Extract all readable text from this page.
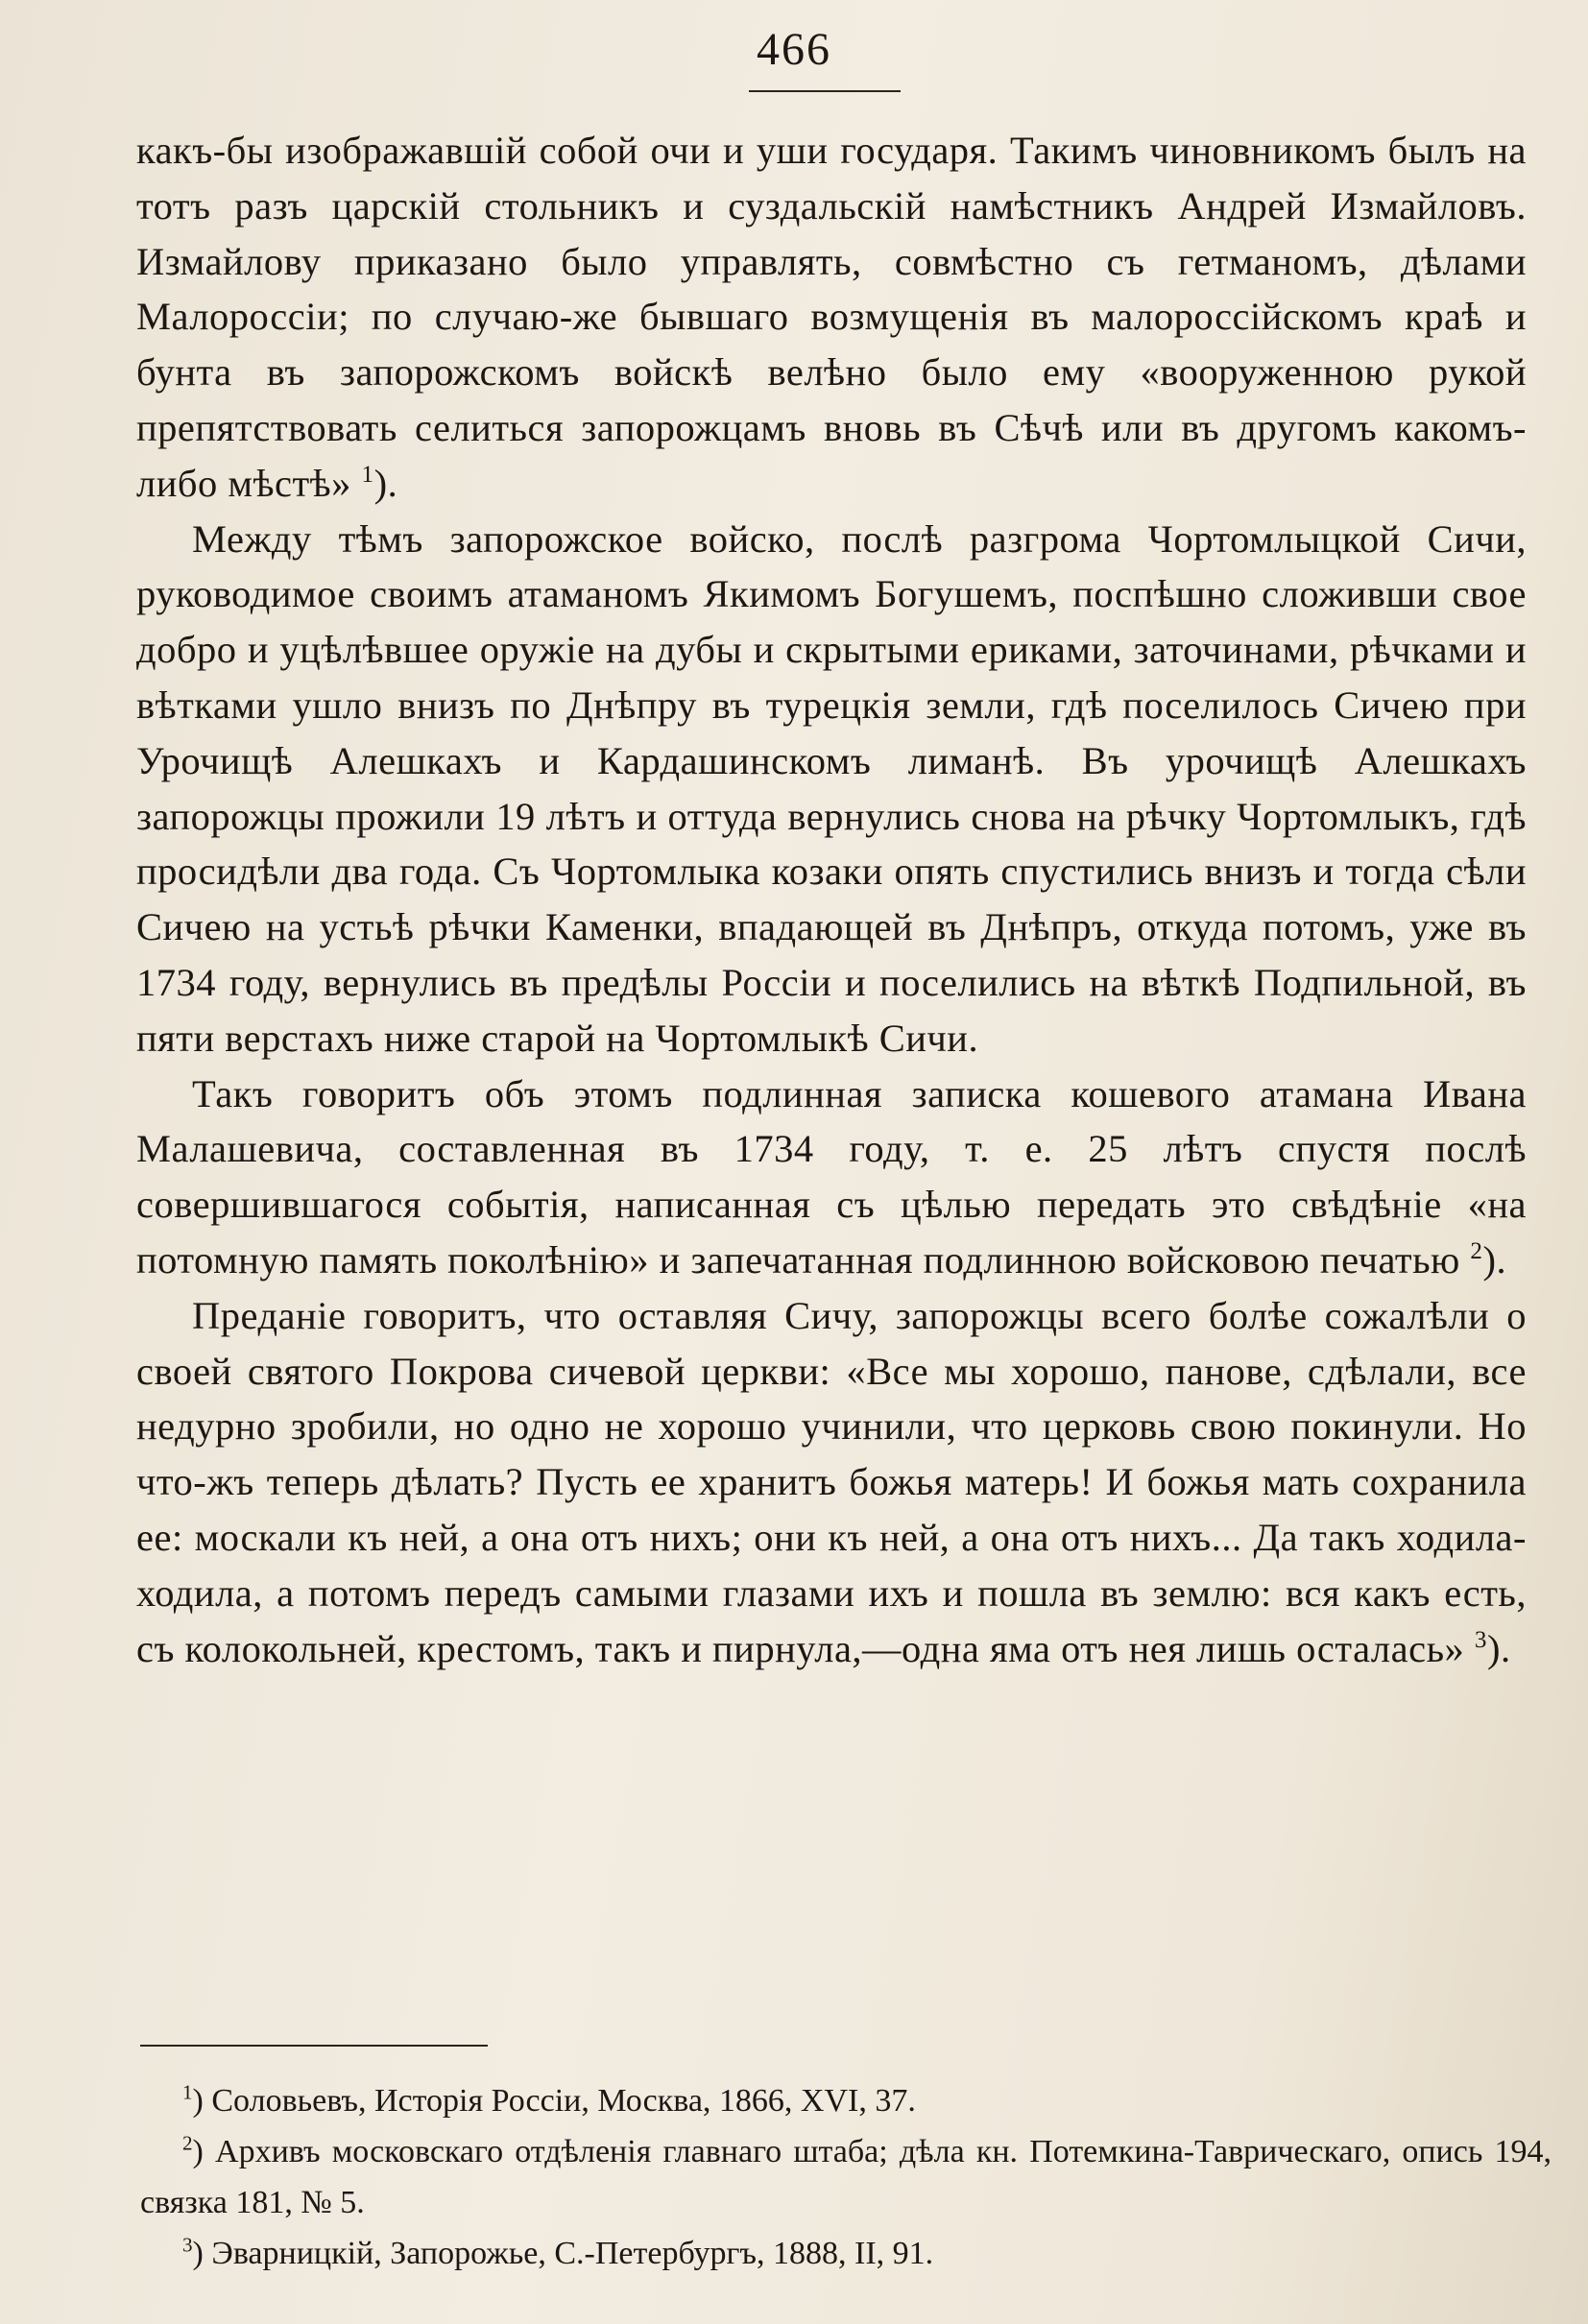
466

какъ-бы изображавшій собой очи и уши государя. Такимъ чиновникомъ былъ на тотъ разъ царскій стольникъ и суздальскій намѣстникъ Андрей Измайловъ. Измайлову приказано было управлять, совмѣстно съ гетманомъ, дѣлами Малороссіи; по случаю-же бывшаго возмущенія въ малороссійскомъ краѣ и бунта въ запорожскомъ войскѣ велѣно было ему «вооруженною рукой препятствовать селиться запорожцамъ вновь въ Сѣчѣ или въ другомъ какомъ-либо мѣстѣ» $^1$).

Между тѣмъ запорожское войско, послѣ разгрома Чортомлыцкой Сичи, руководимое своимъ атаманомъ Якимомъ Богушемъ, поспѣшно сложивши свое добро и уцѣлѣвшее оружіе на дубы и скрытыми ериками, заточинами, рѣчками и вѣтками ушло внизъ по Днѣпру въ турецкія земли, гдѣ поселилось Сичею при Урочищѣ Алешкахъ и Кардашинскомъ лиманѣ. Въ урочищѣ Алешкахъ запорожцы прожили 19 лѣтъ и оттуда вернулись снова на рѣчку Чортомлыкъ, гдѣ просидѣли два года. Съ Чортомлыка козаки опять спустились внизъ и тогда сѣли Сичею на устьѣ рѣчки Каменки, впадающей въ Днѣпръ, откуда потомъ, уже въ 1734 году, вернулись въ предѣлы Россіи и поселились на вѣткѣ Подпильной, въ пяти верстахъ ниже старой на Чортомлыкѣ Сичи.

Такъ говоритъ объ этомъ подлинная записка кошевого атамана Ивана Малашевича, составленная въ 1734 году, т. е. 25 лѣтъ спустя послѣ совершившагося событія, написанная съ цѣлью передать это свѣдѣніе «на потомную память поколѣнію» и запечатанная подлинною войсковою печатью $^2$).

Преданіе говоритъ, что оставляя Сичу, запорожцы всего болѣе сожалѣли о своей святого Покрова сичевой церкви: «Все мы хорошо, панове, сдѣлали, все недурно зробили, но одно не хорошо учинили, что церковь свою покинули. Но что-жъ теперь дѣлать? Пусть ее хранитъ божья матерь! И божья мать сохранила ее: москали къ ней, а она отъ нихъ; они къ ней, а она отъ нихъ... Да такъ ходила-ходила, а потомъ передъ самыми глазами ихъ и пошла въ землю: вся какъ есть, съ колокольней, крестомъ, такъ и пирнула,—одна яма отъ нея лишь осталась» $^3$).

$^1$) Соловьевъ, Исторія Россіи, Москва, 1866, XVI, 37.

$^2$) Архивъ московскаго отдѣленія главнаго штаба; дѣла кн. Потемкина-Таврическаго, опись 194, связка 181, № 5.

$^3$) Эварницкій, Запорожье, С.-Петербургъ, 1888, II, 91.
